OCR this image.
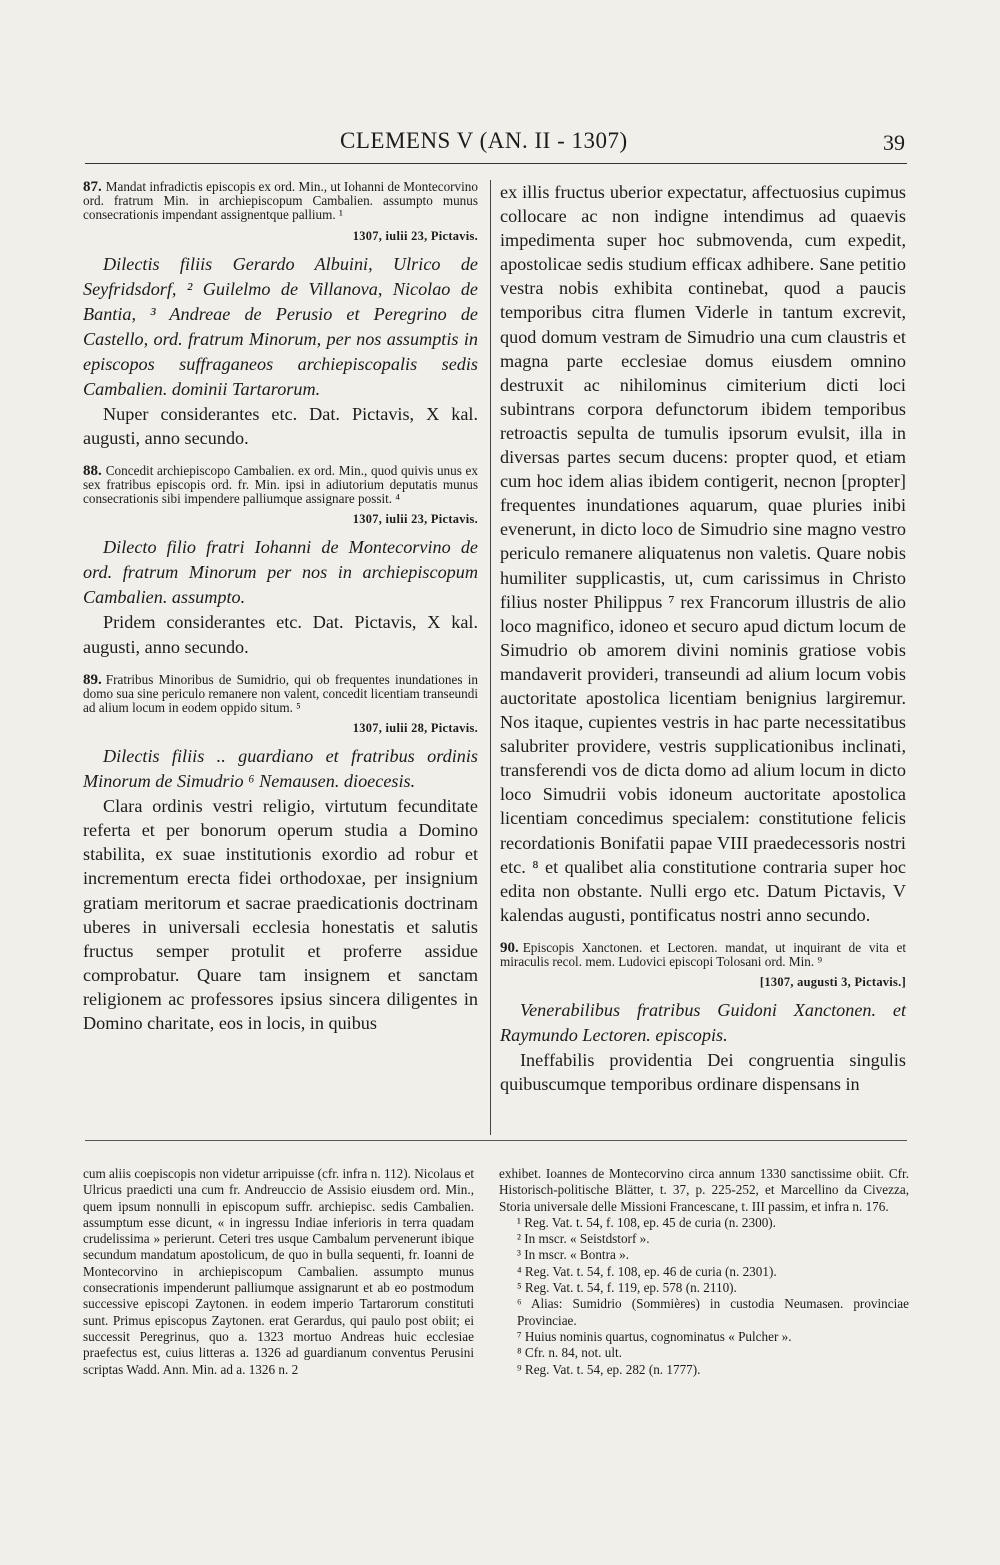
CLEMENS V (AN. II - 1307)	39

87. Mandat infradictis episcopis ex ord. Min., ut Iohanni de Montecorvino ord. fratrum Min. in archiepiscopum Cambalien. assumpto munus consecrationis impendant assignentque pallium. ¹

1307, iulii 23, Pictavis.

Dilectis filiis Gerardo Albuini, Ulrico de Seyfridsdorf, ² Guilelmo de Villanova, Nicolao de Bantia, ³ Andreae de Perusio et Peregrino de Castello, ord. fratrum Minorum, per nos assumptis in episcopos suffraganeos archiepiscopalis sedis Cambalien. dominii Tartarorum.

Nuper considerantes etc. Dat. Pictavis, X kal. augusti, anno secundo.

88. Concedit archiepiscopo Cambalien. ex ord. Min., quod quivis unus ex sex fratribus episcopis ord. fr. Min. ipsi in adiutorium deputatis munus consecrationis sibi impendere palliumque assignare possit. ⁴

1307, iulii 23, Pictavis.

Dilecto filio fratri Iohanni de Montecorvino de ord. fratrum Minorum per nos in archiepiscopum Cambalien. assumpto.

Pridem considerantes etc. Dat. Pictavis, X kal. augusti, anno secundo.

89. Fratribus Minoribus de Sumidrio, qui ob frequentes inundationes in domo sua sine periculo remanere non valent, concedit licentiam transeundi ad alium locum in eodem oppido situm. ⁵

1307, iulii 28, Pictavis.

Dilectis filiis .. guardiano et fratribus ordinis Minorum de Simudrio ⁶ Nemausen. dioecesis.

Clara ordinis vestri religio, virtutum fecunditate referta et per bonorum operum studia a Domino stabilita, ex suae institutionis exordio ad robur et incrementum erecta fidei orthodoxae, per insignium gratiam meritorum et sacrae praedicationis doctrinam uberes in universali ecclesia honestatis et salutis fructus semper protulit et proferre assidue comprobatur. Quare tam insignem et sanctam religionem ac professores ipsius sincera diligentes in Domino charitate, eos in locis, in quibus

ex illis fructus uberior expectatur, affectuosius cupimus collocare ac non indigne intendimus ad quaevis impedimenta super hoc submovenda, cum expedit, apostolicae sedis studium efficax adhibere. Sane petitio vestra nobis exhibita continebat, quod a paucis temporibus citra flumen Viderle in tantum excrevit, quod domum vestram de Simudrio una cum claustris et magna parte ecclesiae domus eiusdem omnino destruxit ac nihilominus cimiterium dicti loci subintrans corpora defunctorum ibidem temporibus retroactis sepulta de tumulis ipsorum evulsit, illa in diversas partes secum ducens: propter quod, et etiam cum hoc idem alias ibidem contigerit, necnon [propter] frequentes inundationes aquarum, quae pluries inibi evenerunt, in dicto loco de Simudrio sine magno vestro periculo remanere aliquatenus non valetis. Quare nobis humiliter supplicastis, ut, cum carissimus in Christo filius noster Philippus ⁷ rex Francorum illustris de alio loco magnifico, idoneo et securo apud dictum locum de Simudrio ob amorem divini nominis gratiose vobis mandaverit provideri, transeundi ad alium locum vobis auctoritate apostolica licentiam benignius largiremur. Nos itaque, cupientes vestris in hac parte necessitatibus salubriter providere, vestris supplicationibus inclinati, transferendi vos de dicta domo ad alium locum in dicto loco Simudrii vobis idoneum auctoritate apostolica licentiam concedimus specialem: constitutione felicis recordationis Bonifatii papae VIII praedecessoris nostri etc. ⁸ et qualibet alia constitutione contraria super hoc edita non obstante. Nulli ergo etc. Datum Pictavis, V kalendas augusti, pontificatus nostri anno secundo.

90. Episcopis Xanctonen. et Lectoren. mandat, ut inquirant de vita et miraculis recol. mem. Ludovici episcopi Tolosani ord. Min. ⁹

[1307, augusti 3, Pictavis.]

Venerabilibus fratribus Guidoni Xanctonen. et Raymundo Lectoren. episcopis.

Ineffabilis providentia Dei congruentia singulis quibuscumque temporibus ordinare dispensans in

cum aliis coepiscopis non videtur arripuisse (cfr. infra n. 112). Nicolaus et Ulricus praedicti una cum fr. Andreuccio de Assisio eiusdem ord. Min., quem ipsum nonnulli in episcopum suffr. archiepisc. sedis Cambalien. assumptum esse dicunt, « in ingressu Indiae inferioris in terra quadam crudelissima » perierunt. Ceteri tres usque Cambalum pervenerunt ibique secundum mandatum apostolicum, de quo in bulla sequenti, fr. Ioanni de Montecorvino in archiepiscopum Cambalien. assumpto munus consecrationis impenderunt palliumque assignarunt et ab eo postmodum successive episcopi Zaytonen. in eodem imperio Tartarorum constituti sunt. Primus episcopus Zaytonen. erat Gerardus, qui paulo post obiit; ei successit Peregrinus, quo a. 1323 mortuo Andreas huic ecclesiae praefectus est, cuius litteras a. 1326 ad guardianum conventus Perusini scriptas Wadd. Ann. Min. ad a. 1326 n. 2

exhibet. Ioannes de Montecorvino circa annum 1330 sanctissime obiit. Cfr. Historisch-politische Blätter, t. 37, p. 225-252, et Marcellino da Civezza, Storia universale delle Missioni Francescane, t. III passim, et infra n. 176.

¹ Reg. Vat. t. 54, f. 108, ep. 45 de curia (n. 2300).

² In mscr. « Seistdstorf ».

³ In mscr. « Bontra ».

⁴ Reg. Vat. t. 54, f. 108, ep. 46 de curia (n. 2301).

⁵ Reg. Vat. t. 54, f. 119, ep. 578 (n. 2110).

⁶ Alias: Sumidrio (Sommières) in custodia Neumasen. provinciae Provinciae.

⁷ Huius nominis quartus, cognominatus « Pulcher ».

⁸ Cfr. n. 84, not. ult.

⁹ Reg. Vat. t. 54, ep. 282 (n. 1777).
